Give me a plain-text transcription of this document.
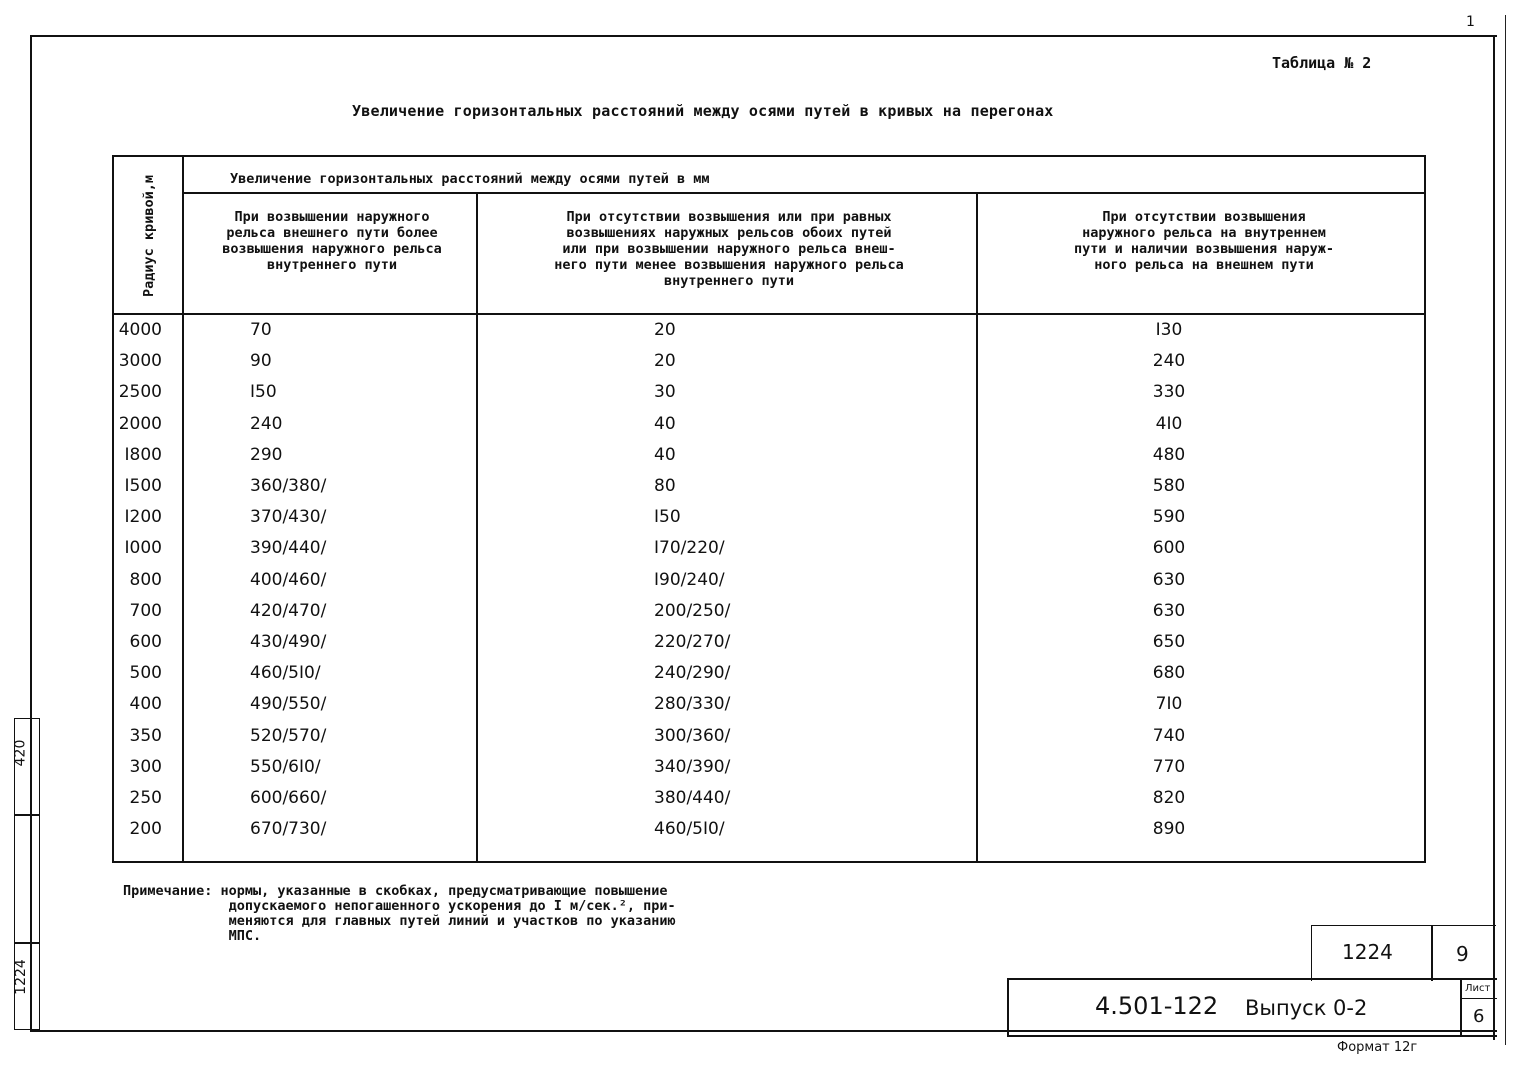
1
Таблица № 2
Увеличение горизонтальных расстояний между осями путей в кривых на перегонах
Радиус кривой,м	Увеличение горизонтальных расстояний между осями путей в мм
При возвышении наружного
рельса внешнего пути более
возвышения наружного рельса
внутреннего пути
При отсутствии возвышения или при равных
возвышениях наружных рельсов обоих путей
или при возвышении наружного рельса внеш-
него пути менее возвышения наружного рельса
внутреннего пути
При отсутствии возвышения
наружного рельса на внутреннем
пути и наличии возвышения наруж-
ного рельса на внешнем пути
4000	70	20	I30
3000	90	20	240
2500	I50	30	330
2000	240	40	4I0
I800	290	40	480
I500	360/380/	80	580
I200	370/430/	I50	590
I000	390/440/	I70/220/	600
800	400/460/	I90/240/	630
700	420/470/	200/250/	630
600	430/490/	220/270/	650
500	460/5I0/	240/290/	680
400	490/550/	280/330/	7I0
350	520/570/	300/360/	740
300	550/6I0/	340/390/	770
250	600/660/	380/440/	820
200	670/730/	460/5I0/	890
Примечание: нормы, указанные в скобках, предусматривающие повышение
допускаемого непогашенного ускорения до I м/сек.², при-
меняются для главных путей линий и участков по указанию
МПС.
420
1224
1224	9
4.501-122 Выпуск 0-2
Лист
6
Формат 12г
